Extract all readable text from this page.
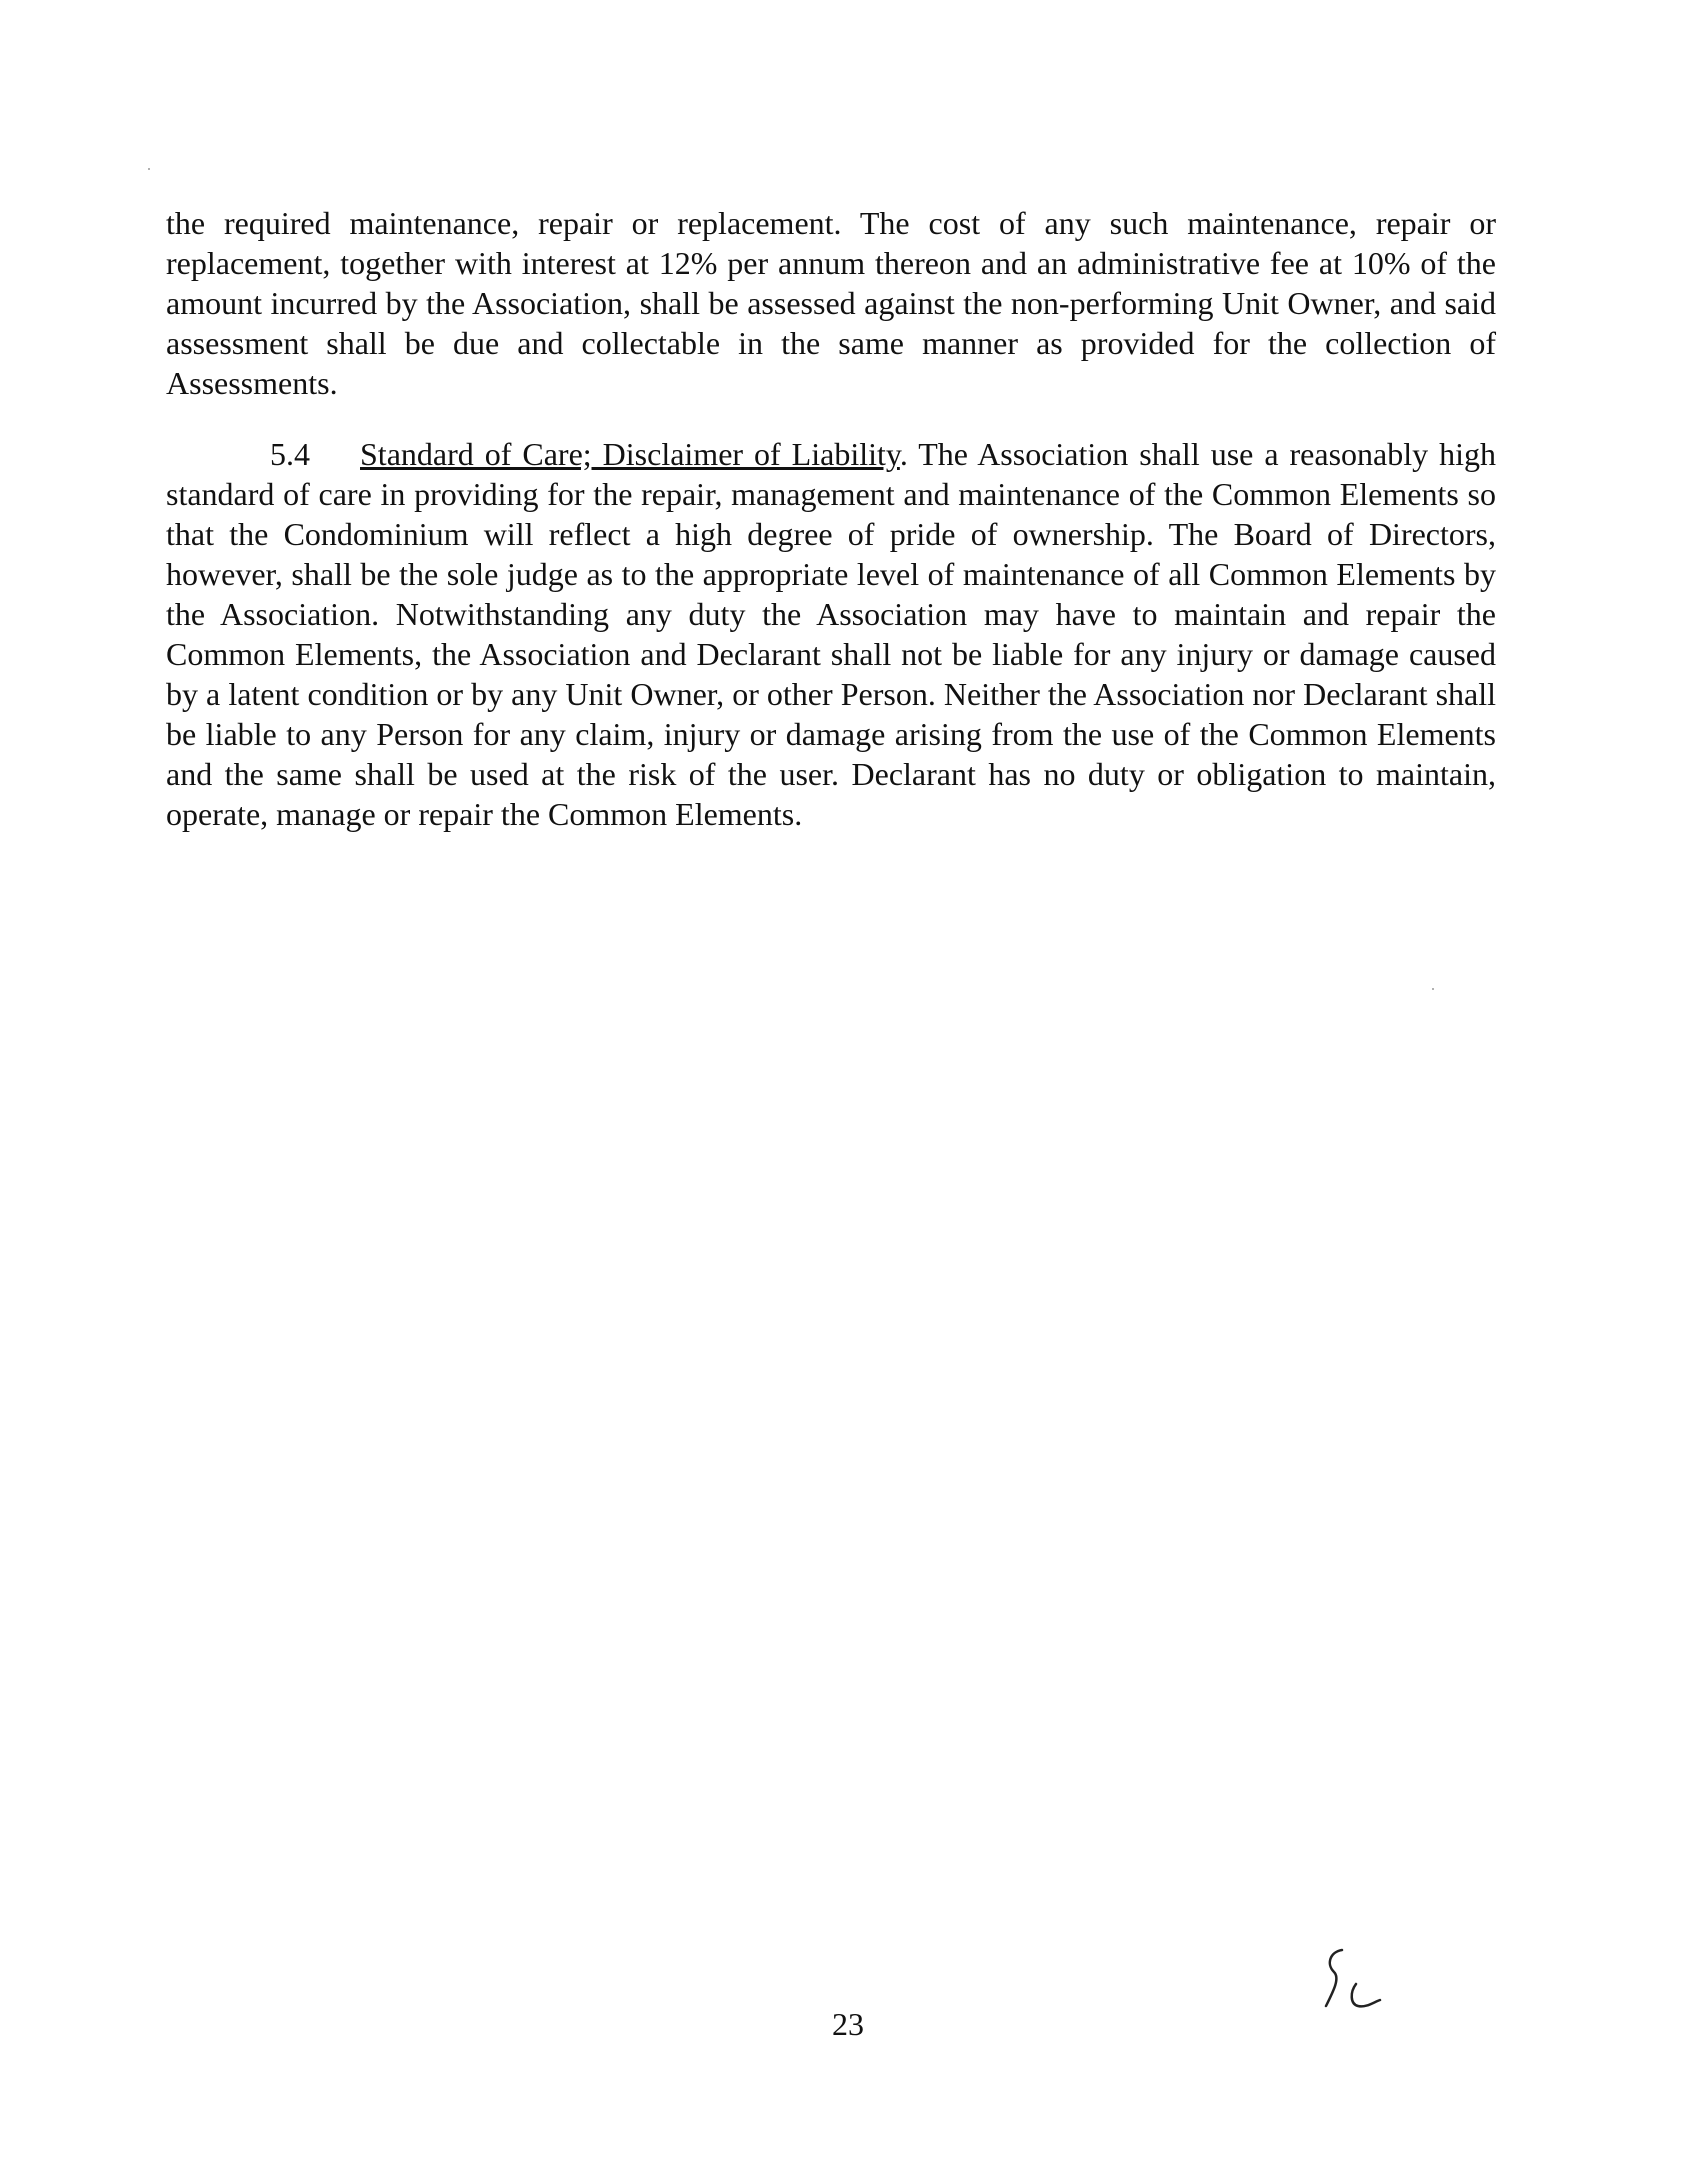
the required maintenance, repair or replacement. The cost of any such maintenance, repair or replacement, together with interest at 12% per annum thereon and an administrative fee at 10% of the amount incurred by the Association, shall be assessed against the non-performing Unit Owner, and said assessment shall be due and collectable in the same manner as provided for the collection of Assessments.

5.4 Standard of Care; Disclaimer of Liability. The Association shall use a reasonably high standard of care in providing for the repair, management and maintenance of the Common Elements so that the Condominium will reflect a high degree of pride of ownership. The Board of Directors, however, shall be the sole judge as to the appropriate level of maintenance of all Common Elements by the Association. Notwithstanding any duty the Association may have to maintain and repair the Common Elements, the Association and Declarant shall not be liable for any injury or damage caused by a latent condition or by any Unit Owner, or other Person. Neither the Association nor Declarant shall be liable to any Person for any claim, injury or damage arising from the use of the Common Elements and the same shall be used at the risk of the user. Declarant has no duty or obligation to maintain, operate, manage or repair the Common Elements.

23
